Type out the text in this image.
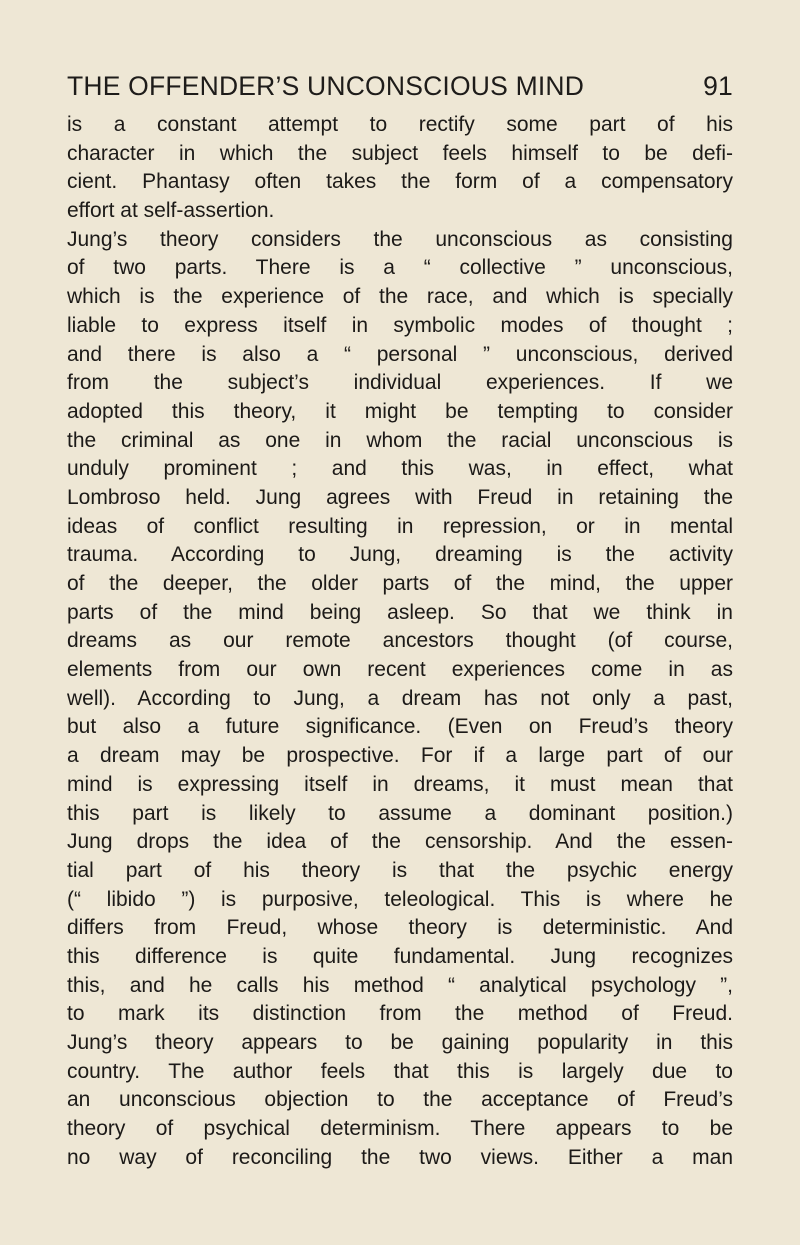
THE OFFENDER’S UNCONSCIOUS MIND	91
is a constant attempt to rectify some part of his
character in which the subject feels himself to be defi-
cient. Phantasy often takes the form of a compensatory
effort at self-assertion.
Jung’s theory considers the unconscious as consisting
of two parts. There is a “ collective ” unconscious,
which is the experience of the race, and which is specially
liable to express itself in symbolic modes of thought ;
and there is also a “ personal ” unconscious, derived
from the subject’s individual experiences. If we
adopted this theory, it might be tempting to consider
the criminal as one in whom the racial unconscious is
unduly prominent ; and this was, in effect, what
Lombroso held. Jung agrees with Freud in retaining the
ideas of conflict resulting in repression, or in mental
trauma. According to Jung, dreaming is the activity
of the deeper, the older parts of the mind, the upper
parts of the mind being asleep. So that we think in
dreams as our remote ancestors thought (of course,
elements from our own recent experiences come in as
well). According to Jung, a dream has not only a past,
but also a future significance. (Even on Freud’s theory
a dream may be prospective. For if a large part of our
mind is expressing itself in dreams, it must mean that
this part is likely to assume a dominant position.)
Jung drops the idea of the censorship. And the essen-
tial part of his theory is that the psychic energy
(“ libido ”) is purposive, teleological. This is where he
differs from Freud, whose theory is deterministic. And
this difference is quite fundamental. Jung recognizes
this, and he calls his method “ analytical psychology ”,
to mark its distinction from the method of Freud.
Jung’s theory appears to be gaining popularity in this
country. The author feels that this is largely due to
an unconscious objection to the acceptance of Freud’s
theory of psychical determinism. There appears to be
no way of reconciling the two views. Either a man
